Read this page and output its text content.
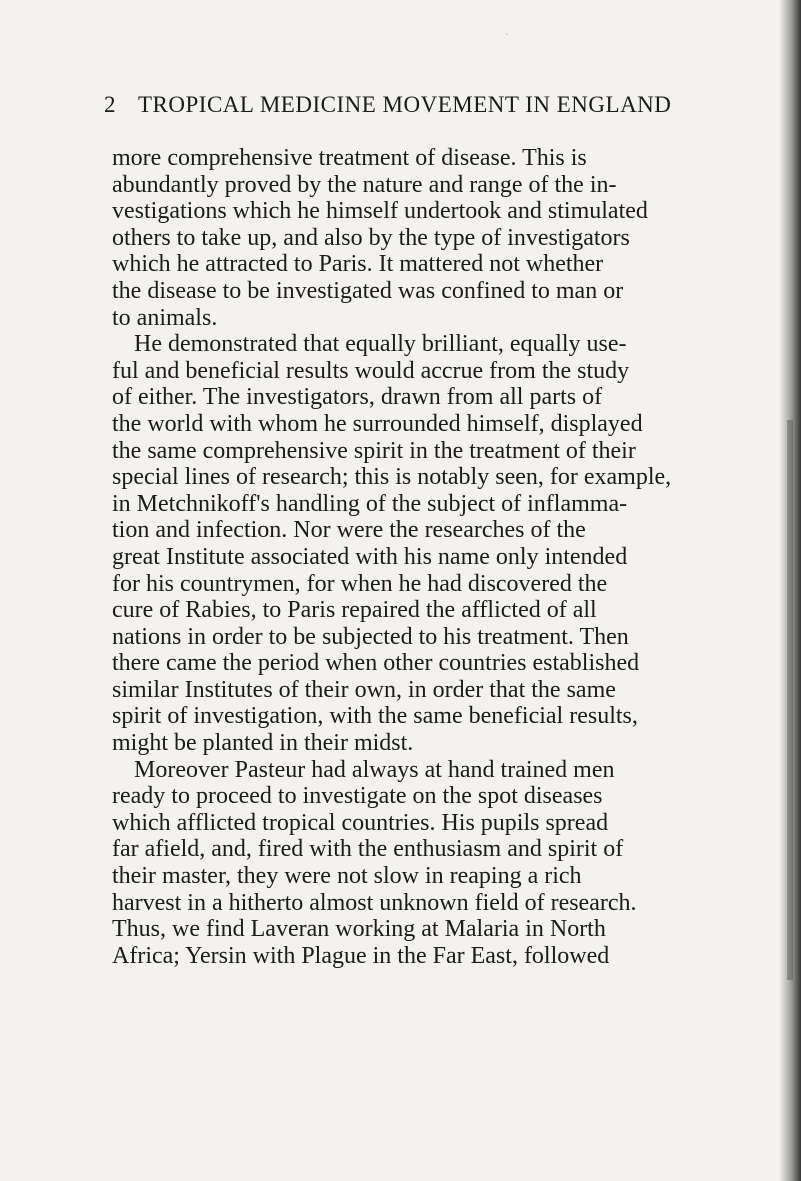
ˋ
2 TROPICAL MEDICINE MOVEMENT IN ENGLAND
more comprehensive treatment of disease. This is
abundantly proved by the nature and range of the in-
vestigations which he himself undertook and stimulated
others to take up, and also by the type of investigators
which he attracted to Paris. It mattered not whether
the disease to be investigated was confined to man or
to animals.
He demonstrated that equally brilliant, equally use-
ful and beneficial results would accrue from the study
of either. The investigators, drawn from all parts of
the world with whom he surrounded himself, displayed
the same comprehensive spirit in the treatment of their
special lines of research; this is notably seen, for example,
in Metchnikoff's handling of the subject of inflamma-
tion and infection. Nor were the researches of the
great Institute associated with his name only intended
for his countrymen, for when he had discovered the
cure of Rabies, to Paris repaired the afflicted of all
nations in order to be subjected to his treatment. Then
there came the period when other countries established
similar Institutes of their own, in order that the same
spirit of investigation, with the same beneficial results,
might be planted in their midst.
Moreover Pasteur had always at hand trained men
ready to proceed to investigate on the spot diseases
which afflicted tropical countries. His pupils spread
far afield, and, fired with the enthusiasm and spirit of
their master, they were not slow in reaping a rich
harvest in a hitherto almost unknown field of research.
Thus, we find Laveran working at Malaria in North
Africa; Yersin with Plague in the Far East, followed
